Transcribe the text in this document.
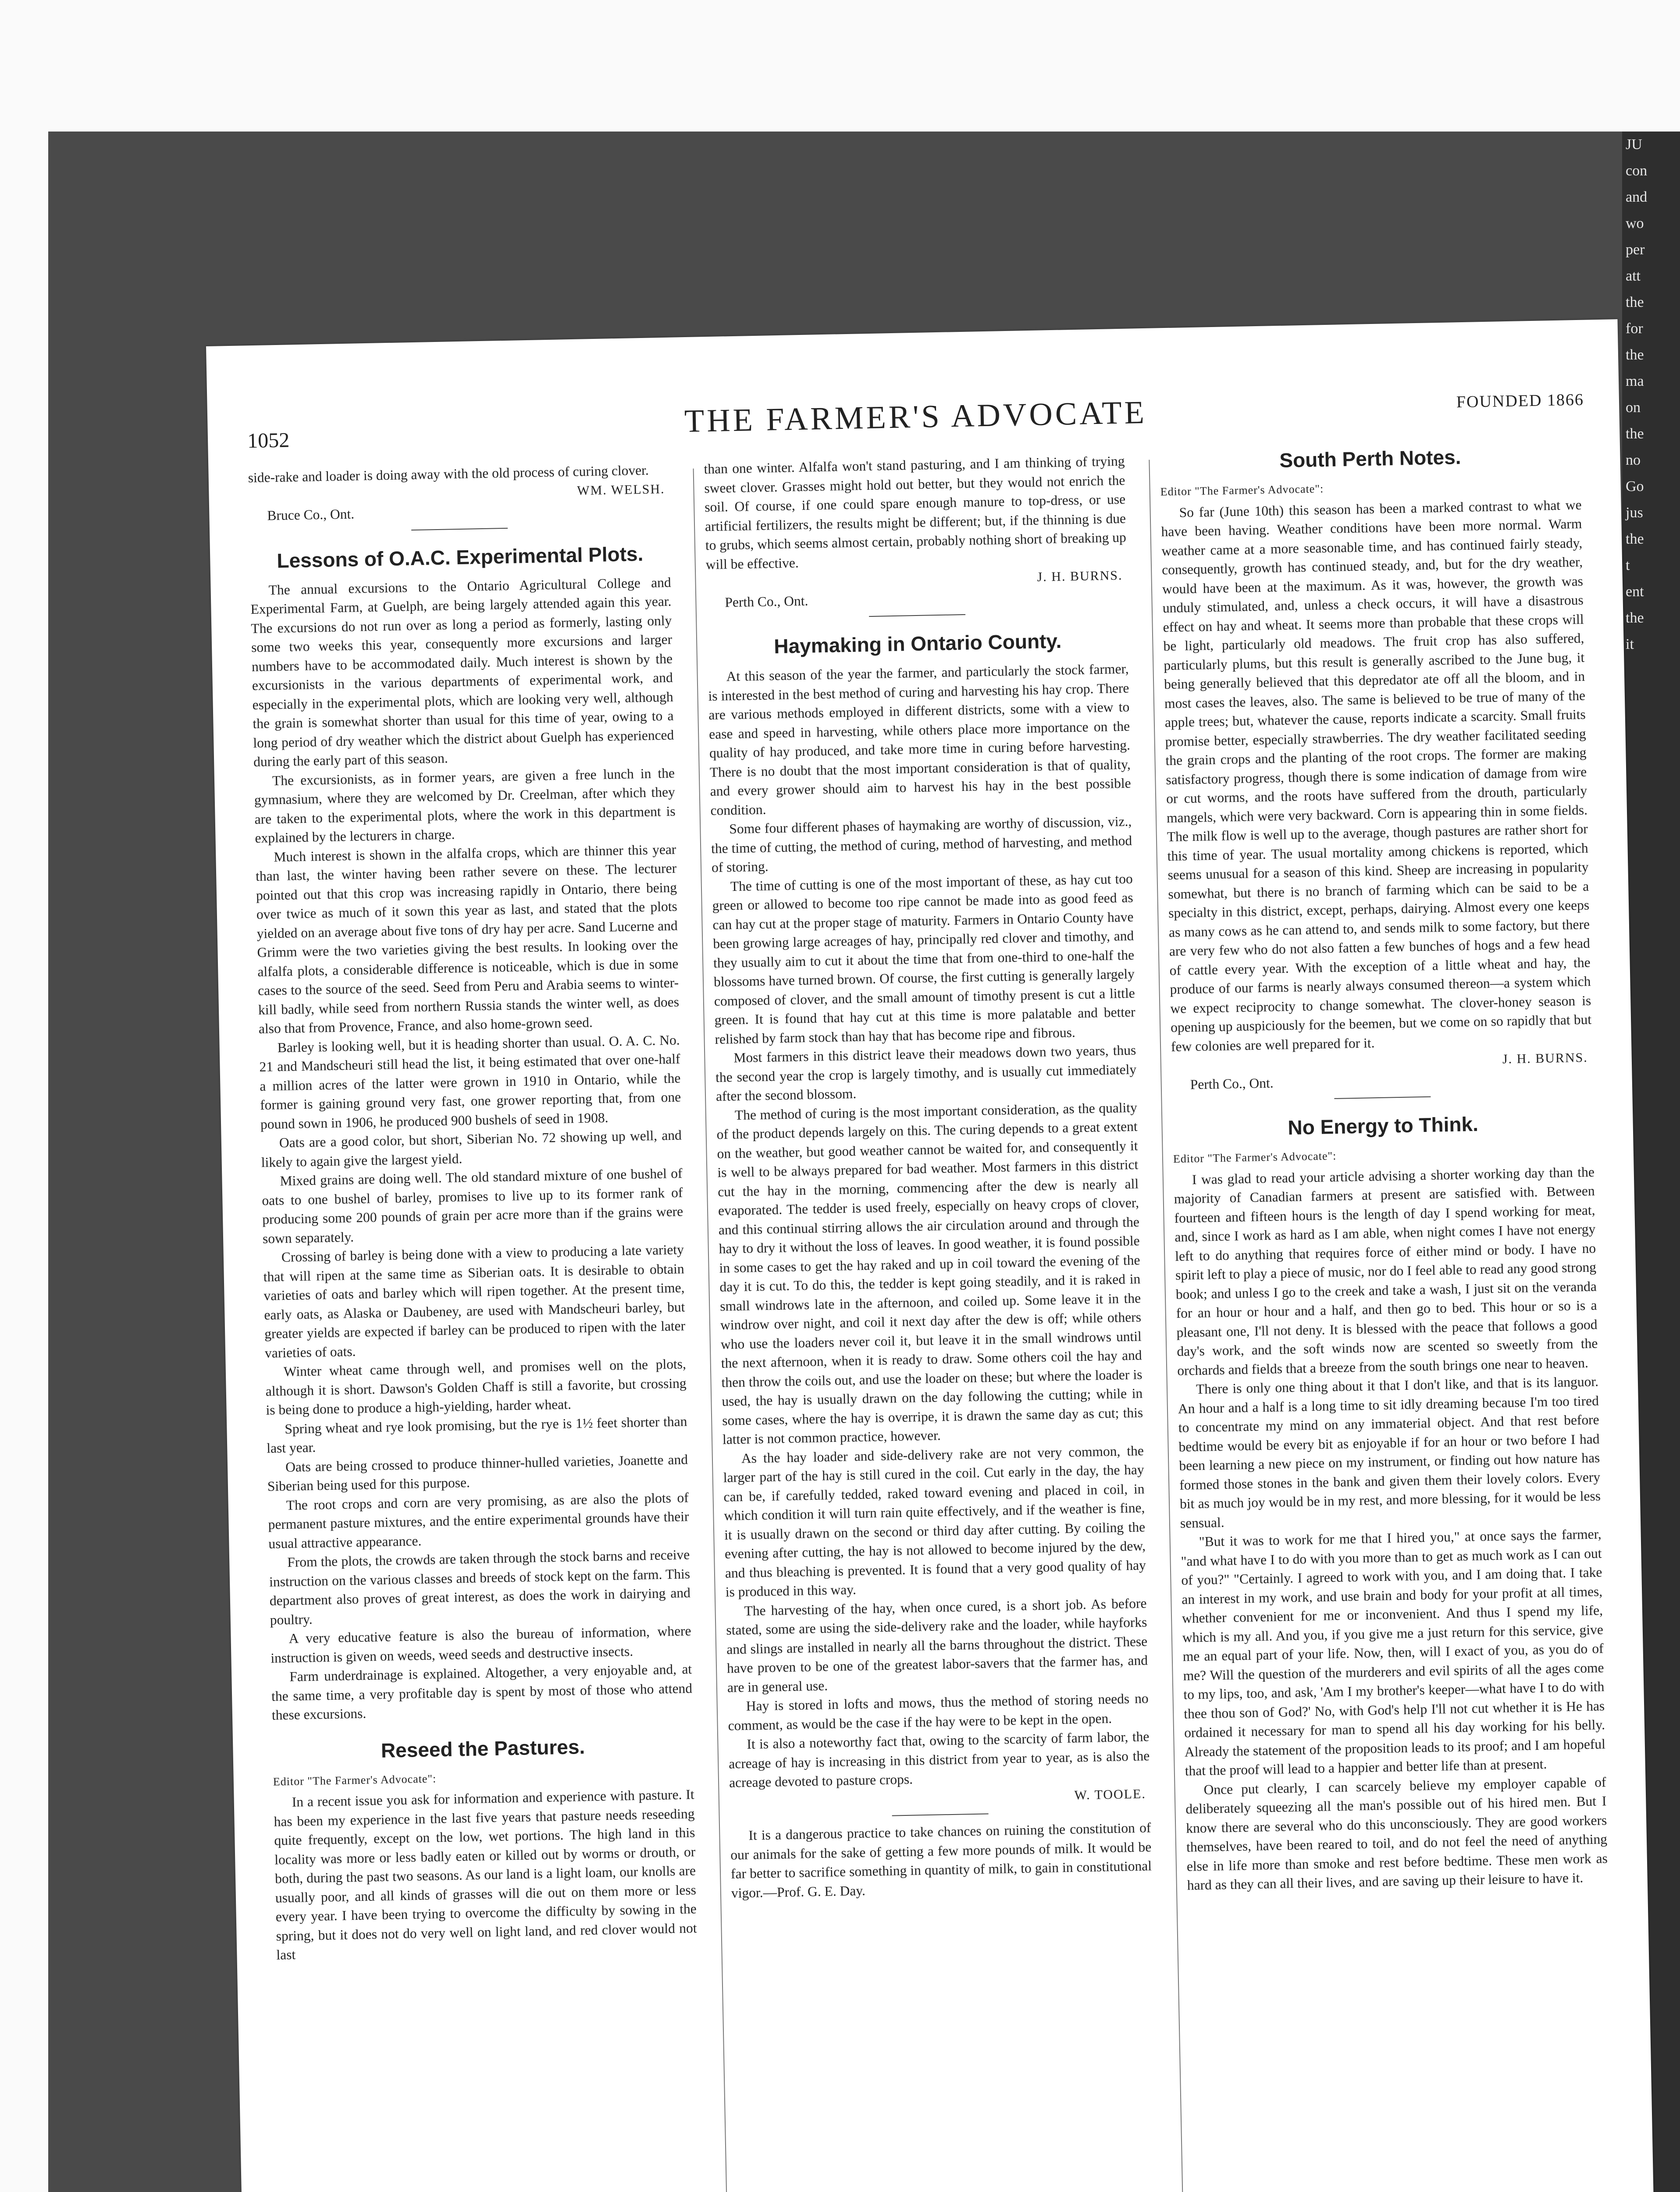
JU
con
and
wo
per
att
the
for
the
ma
on
the
no
Go
jus
the
t
ent
the
it
1052
THE FARMER'S ADVOCATE	FOUNDED 1866

side-rake and loader is doing away with the old process of curing clover.

WM. WELSH.

Bruce Co., Ont.

Lessons of O.A.C. Experimental Plots.

The annual excursions to the Ontario Agricultural College and Experimental Farm, at Guelph, are being largely attended again this year. The excursions do not run over as long a period as formerly, lasting only some two weeks this year, consequently more excursions and larger numbers have to be accommodated daily. Much interest is shown by the excursionists in the various departments of experimental work, and especially in the experimental plots, which are looking very well, although the grain is somewhat shorter than usual for this time of year, owing to a long period of dry weather which the district about Guelph has experienced during the early part of this season.

The excursionists, as in former years, are given a free lunch in the gymnasium, where they are welcomed by Dr. Creelman, after which they are taken to the experimental plots, where the work in this department is explained by the lecturers in charge.

Much interest is shown in the alfalfa crops, which are thinner this year than last, the winter having been rather severe on these. The lecturer pointed out that this crop was increasing rapidly in Ontario, there being over twice as much of it sown this year as last, and stated that the plots yielded on an average about five tons of dry hay per acre. Sand Lucerne and Grimm were the two varieties giving the best results. In looking over the alfalfa plots, a considerable difference is noticeable, which is due in some cases to the source of the seed. Seed from Peru and Arabia seems to winter-kill badly, while seed from northern Russia stands the winter well, as does also that from Provence, France, and also home-grown seed.

Barley is looking well, but it is heading shorter than usual. O. A. C. No. 21 and Mandscheuri still head the list, it being estimated that over one-half a million acres of the latter were grown in 1910 in Ontario, while the former is gaining ground very fast, one grower reporting that, from one pound sown in 1906, he produced 900 bushels of seed in 1908.

Oats are a good color, but short, Siberian No. 72 showing up well, and likely to again give the largest yield.

Mixed grains are doing well. The old standard mixture of one bushel of oats to one bushel of barley, promises to live up to its former rank of producing some 200 pounds of grain per acre more than if the grains were sown separately.

Crossing of barley is being done with a view to producing a late variety that will ripen at the same time as Siberian oats. It is desirable to obtain varieties of oats and barley which will ripen together. At the present time, early oats, as Alaska or Daubeney, are used with Mandscheuri barley, but greater yields are expected if barley can be produced to ripen with the later varieties of oats.

Winter wheat came through well, and promises well on the plots, although it is short. Dawson's Golden Chaff is still a favorite, but crossing is being done to produce a high-yielding, harder wheat.

Spring wheat and rye look promising, but the rye is 1½ feet shorter than last year.

Oats are being crossed to produce thinner-hulled varieties, Joanette and Siberian being used for this purpose.

The root crops and corn are very promising, as are also the plots of permanent pasture mixtures, and the entire experimental grounds have their usual attractive appearance.

From the plots, the crowds are taken through the stock barns and receive instruction on the various classes and breeds of stock kept on the farm. This department also proves of great interest, as does the work in dairying and poultry.

A very educative feature is also the bureau of information, where instruction is given on weeds, weed seeds and destructive insects.

Farm underdrainage is explained. Altogether, a very enjoyable and, at the same time, a very profitable day is spent by most of those who attend these excursions.

Reseed the Pastures.
Editor "The Farmer's Advocate":

In a recent issue you ask for information and experience with pasture. It has been my experience in the last five years that pasture needs reseeding quite frequently, except on the low, wet portions. The high land in this locality was more or less badly eaten or killed out by worms or drouth, or both, during the past two seasons. As our land is a light loam, our knolls are usually poor, and all kinds of grasses will die out on them more or less every year. I have been trying to overcome the difficulty by sowing in the spring, but it does not do very well on light land, and red clover would not last

than one winter. Alfalfa won't stand pasturing, and I am thinking of trying sweet clover. Grasses might hold out better, but they would not enrich the soil. Of course, if one could spare enough manure to top-dress, or use artificial fertilizers, the results might be different; but, if the thinning is due to grubs, which seems almost certain, probably nothing short of breaking up will be effective.

J. H. BURNS.

Perth Co., Ont.

Haymaking in Ontario County.

At this season of the year the farmer, and particularly the stock farmer, is interested in the best method of curing and harvesting his hay crop. There are various methods employed in different districts, some with a view to ease and speed in harvesting, while others place more importance on the quality of hay produced, and take more time in curing before harvesting. There is no doubt that the most important consideration is that of quality, and every grower should aim to harvest his hay in the best possible condition.

Some four different phases of haymaking are worthy of discussion, viz., the time of cutting, the method of curing, method of harvesting, and method of storing.

The time of cutting is one of the most important of these, as hay cut too green or allowed to become too ripe cannot be made into as good feed as can hay cut at the proper stage of maturity. Farmers in Ontario County have been growing large acreages of hay, principally red clover and timothy, and they usually aim to cut it about the time that from one-third to one-half the blossoms have turned brown. Of course, the first cutting is generally largely composed of clover, and the small amount of timothy present is cut a little green. It is found that hay cut at this time is more palatable and better relished by farm stock than hay that has become ripe and fibrous.

Most farmers in this district leave their meadows down two years, thus the second year the crop is largely timothy, and is usually cut immediately after the second blossom.

The method of curing is the most important consideration, as the quality of the product depends largely on this. The curing depends to a great extent on the weather, but good weather cannot be waited for, and consequently it is well to be always prepared for bad weather. Most farmers in this district cut the hay in the morning, commencing after the dew is nearly all evaporated. The tedder is used freely, especially on heavy crops of clover, and this continual stirring allows the air circulation around and through the hay to dry it without the loss of leaves. In good weather, it is found possible in some cases to get the hay raked and up in coil toward the evening of the day it is cut. To do this, the tedder is kept going steadily, and it is raked in small windrows late in the afternoon, and coiled up. Some leave it in the windrow over night, and coil it next day after the dew is off; while others who use the loaders never coil it, but leave it in the small windrows until the next afternoon, when it is ready to draw. Some others coil the hay and then throw the coils out, and use the loader on these; but where the loader is used, the hay is usually drawn on the day following the cutting; while in some cases, where the hay is overripe, it is drawn the same day as cut; this latter is not common practice, however.

As the hay loader and side-delivery rake are not very common, the larger part of the hay is still cured in the coil. Cut early in the day, the hay can be, if carefully tedded, raked toward evening and placed in coil, in which condition it will turn rain quite effectively, and if the weather is fine, it is usually drawn on the second or third day after cutting. By coiling the evening after cutting, the hay is not allowed to become injured by the dew, and thus bleaching is prevented. It is found that a very good quality of hay is produced in this way.

The harvesting of the hay, when once cured, is a short job. As before stated, some are using the side-delivery rake and the loader, while hayforks and slings are installed in nearly all the barns throughout the district. These have proven to be one of the greatest labor-savers that the farmer has, and are in general use.

Hay is stored in lofts and mows, thus the method of storing needs no comment, as would be the case if the hay were to be kept in the open.

It is also a noteworthy fact that, owing to the scarcity of farm labor, the acreage of hay is increasing in this district from year to year, as is also the acreage devoted to pasture crops.

W. TOOLE.

It is a dangerous practice to take chances on ruining the constitution of our animals for the sake of getting a few more pounds of milk. It would be far better to sacrifice something in quantity of milk, to gain in constitutional vigor.—Prof. G. E. Day.

South Perth Notes.
Editor "The Farmer's Advocate":

So far (June 10th) this season has been a marked contrast to what we have been having. Weather conditions have been more normal. Warm weather came at a more seasonable time, and has continued fairly steady, consequently, growth has continued steady, and, but for the dry weather, would have been at the maximum. As it was, however, the growth was unduly stimulated, and, unless a check occurs, it will have a disastrous effect on hay and wheat. It seems more than probable that these crops will be light, particularly old meadows. The fruit crop has also suffered, particularly plums, but this result is generally ascribed to the June bug, it being generally believed that this depredator ate off all the bloom, and in most cases the leaves, also. The same is believed to be true of many of the apple trees; but, whatever the cause, reports indicate a scarcity. Small fruits promise better, especially strawberries. The dry weather facilitated seeding the grain crops and the planting of the root crops. The former are making satisfactory progress, though there is some indication of damage from wire or cut worms, and the roots have suffered from the drouth, particularly mangels, which were very backward. Corn is appearing thin in some fields. The milk flow is well up to the average, though pastures are rather short for this time of year. The usual mortality among chickens is reported, which seems unusual for a season of this kind. Sheep are increasing in popularity somewhat, but there is no branch of farming which can be said to be a specialty in this district, except, perhaps, dairying. Almost every one keeps as many cows as he can attend to, and sends milk to some factory, but there are very few who do not also fatten a few bunches of hogs and a few head of cattle every year. With the exception of a little wheat and hay, the produce of our farms is nearly always consumed thereon—a system which we expect reciprocity to change somewhat. The clover-honey season is opening up auspiciously for the beemen, but we come on so rapidly that but few colonies are well prepared for it.

J. H. BURNS.

Perth Co., Ont.

No Energy to Think.
Editor "The Farmer's Advocate":

I was glad to read your article advising a shorter working day than the majority of Canadian farmers at present are satisfied with. Between fourteen and fifteen hours is the length of day I spend working for meat, and, since I work as hard as I am able, when night comes I have not energy left to do anything that requires force of either mind or body. I have no spirit left to play a piece of music, nor do I feel able to read any good strong book; and unless I go to the creek and take a wash, I just sit on the veranda for an hour or hour and a half, and then go to bed. This hour or so is a pleasant one, I'll not deny. It is blessed with the peace that follows a good day's work, and the soft winds now are scented so sweetly from the orchards and fields that a breeze from the south brings one near to heaven.

There is only one thing about it that I don't like, and that is its languor. An hour and a half is a long time to sit idly dreaming because I'm too tired to concentrate my mind on any immaterial object. And that rest before bedtime would be every bit as enjoyable if for an hour or two before I had been learning a new piece on my instrument, or finding out how nature has formed those stones in the bank and given them their lovely colors. Every bit as much joy would be in my rest, and more blessing, for it would be less sensual.

"But it was to work for me that I hired you," at once says the farmer, "and what have I to do with you more than to get as much work as I can out of you?" "Certainly. I agreed to work with you, and I am doing that. I take an interest in my work, and use brain and body for your profit at all times, whether convenient for me or inconvenient. And thus I spend my life, which is my all. And you, if you give me a just return for this service, give me an equal part of your life. Now, then, will I exact of you, as you do of me? Will the question of the murderers and evil spirits of all the ages come to my lips, too, and ask, 'Am I my brother's keeper—what have I to do with thee thou son of God?' No, with God's help I'll not cut whether it is He has ordained it necessary for man to spend all his day working for his belly. Already the statement of the proposition leads to its proof; and I am hopeful that the proof will lead to a happier and better life than at present.

Once put clearly, I can scarcely believe my employer capable of deliberately squeezing all the man's possible out of his hired men. But I know there are several who do this unconsciously. They are good workers themselves, have been reared to toil, and do not feel the need of anything else in life more than smoke and rest before bedtime. These men work as hard as they can all their lives, and are saving up their leisure to have it.
